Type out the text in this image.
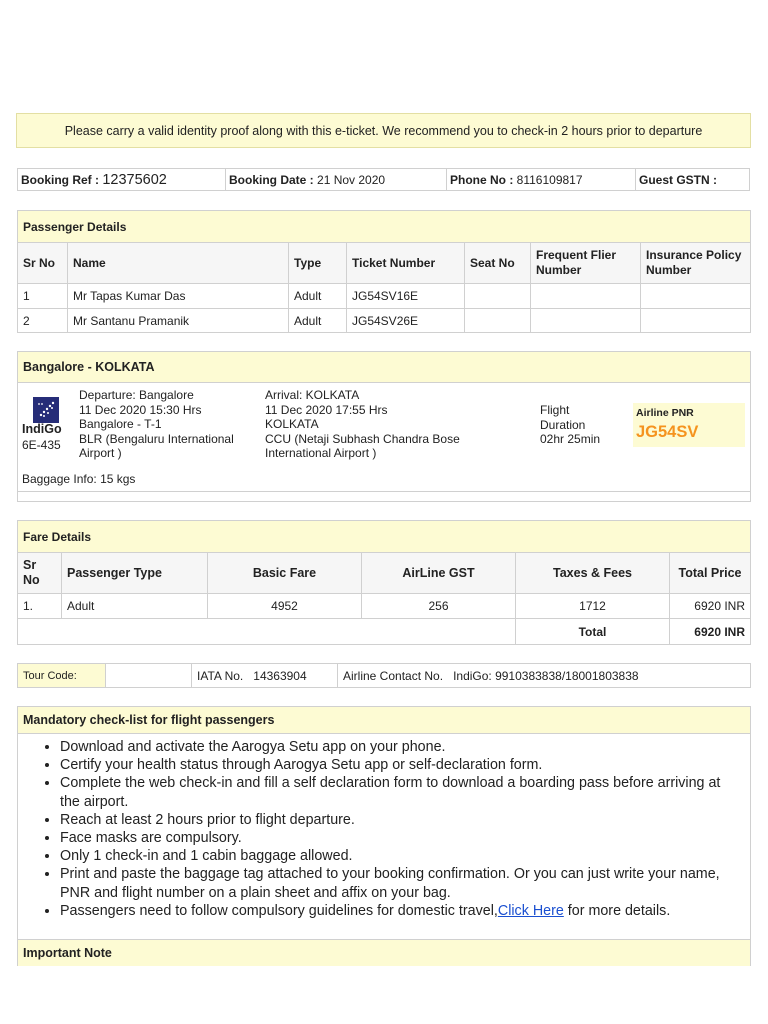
Please carry a valid identity proof along with this e-ticket. We recommend you to check-in 2 hours prior to departure
Booking Ref : 12375602	Booking Date : 21 Nov 2020	Phone No : 8116109817	Guest GSTN :
Passenger Details						
Sr No	Name	Type	Ticket Number	Seat No	Frequent Flier Number	Insurance Policy Number
1	Mr Tapas Kumar Das	Adult	JG54SV16E			
2	Mr Santanu Pramanik	Adult	JG54SV26E			
Bangalore - KOLKATA
IndiGo
6E-435
Departure: Bangalore
11 Dec 2020 15:30 Hrs
Bangalore - T-1
BLR (Bengaluru International
Airport )
Arrival: KOLKATA
11 Dec 2020 17:55 Hrs
KOLKATA
CCU (Netaji Subhash Chandra Bose
International Airport )
Flight
Duration
02hr 25min
Airline PNR
JG54SV
Baggage Info: 15 kgs
Fare Details					
Sr No	Passenger Type	Basic Fare	AirLine GST	Taxes & Fees	Total Price
1.	Adult	4952	256	1712	6920 INR
				Total	6920 INR
Tour Code:		IATA No. 14363904	Airline Contact No. IndiGo: 9910383838/18001803838
Mandatory check-list for flight passengers
• Download and activate the Aarogya Setu app on your phone.
• Certify your health status through Aarogya Setu app or self-declaration form.
• Complete the web check-in and fill a self declaration form to download a boarding pass before arriving at the airport.
• Reach at least 2 hours prior to flight departure.
• Face masks are compulsory.
• Only 1 check-in and 1 cabin baggage allowed.
• Print and paste the baggage tag attached to your booking confirmation. Or you can just write your name, PNR and flight number on a plain sheet and affix on your bag.
• Passengers need to follow compulsory guidelines for domestic travel,Click Here for more details.
Important Note
